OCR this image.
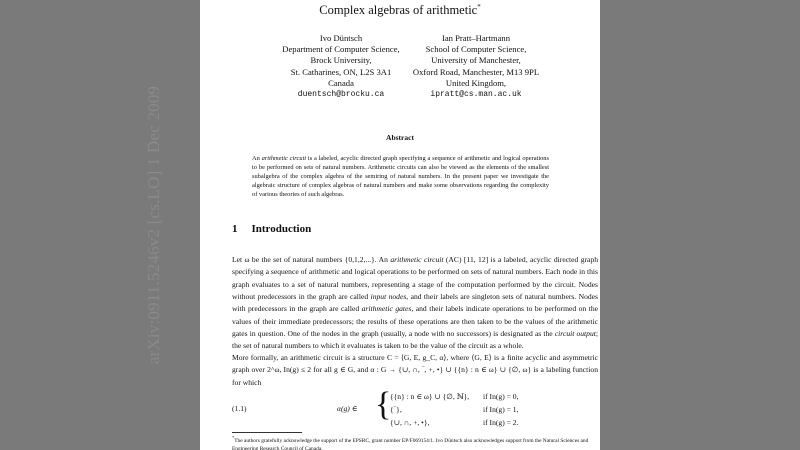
Complex algebras of arithmetic*
Ivo Düntsch
Department of Computer Science,
Brock University,
St. Catharines, ON, L2S 3A1
Canada
duentsch@brocku.ca
Ian Pratt–Hartmann
School of Computer Science,
University of Manchester,
Oxford Road, Manchester, M13 9PL
United Kingdom,
ipratt@cs.man.ac.uk
Abstract
An arithmetic circuit is a labeled, acyclic directed graph specifying a sequence of arithmetic and logical operations to be performed on sets of natural numbers. Arithmetic circuits can also be viewed as the elements of the smallest subalgebra of the complex algebra of the semiring of natural numbers. In the present paper we investigate the algebraic structure of complex algebras of natural numbers and make some observations regarding the complexity of various theories of such algebras.
1 Introduction
Let ω be the set of natural numbers {0,1,2,...}. An arithmetic circuit (AC) [11, 12] is a labeled, acyclic directed graph specifying a sequence of arithmetic and logical operations to be performed on sets of natural numbers. Each node in this graph evaluates to a set of natural numbers, representing a stage of the computation performed by the circuit. Nodes without predecessors in the graph are called input nodes, and their labels are singleton sets of natural numbers. Nodes with predecessors in the graph are called arithmetic gates, and their labels indicate operations to be performed on the values of their immediate predecessors; the results of these operations are then taken to be the values of the arithmetic gates in question. One of the nodes in the graph (usually, a node with no successors) is designated as the circuit output; the set of natural numbers to which it evaluates is taken to be the value of the circuit as a whole.
More formally, an arithmetic circuit is a structure C = ⟨G, E, g_C, α⟩, where ⟨G, E⟩ is a finite acyclic and asymmetric graph over 2^ω, In(g) ≤ 2 for all g ∈ G, and α : G → {∪, ∩, ‾, +, •} ∪ {{n} : n ∈ ω} ∪ {∅, ω} is a labeling function for which
(1.1)	α(g) ∈ {
{{n} : n ∈ ω} ∪ {∅, ℕ}, if In(g) = 0,
{‾},	if In(g) = 1,
{∪, ∩, +, •},	if In(g) = 2.
*The authors gratefully acknowledge the support of the EPSRC, grant number EP/F069154/1. Ivo Düntsch also acknowledges support from the Natural Sciences and Engineering Research Council of Canada.
arXiv:0911.5246v2 [cs.LO] 1 Dec 2009
